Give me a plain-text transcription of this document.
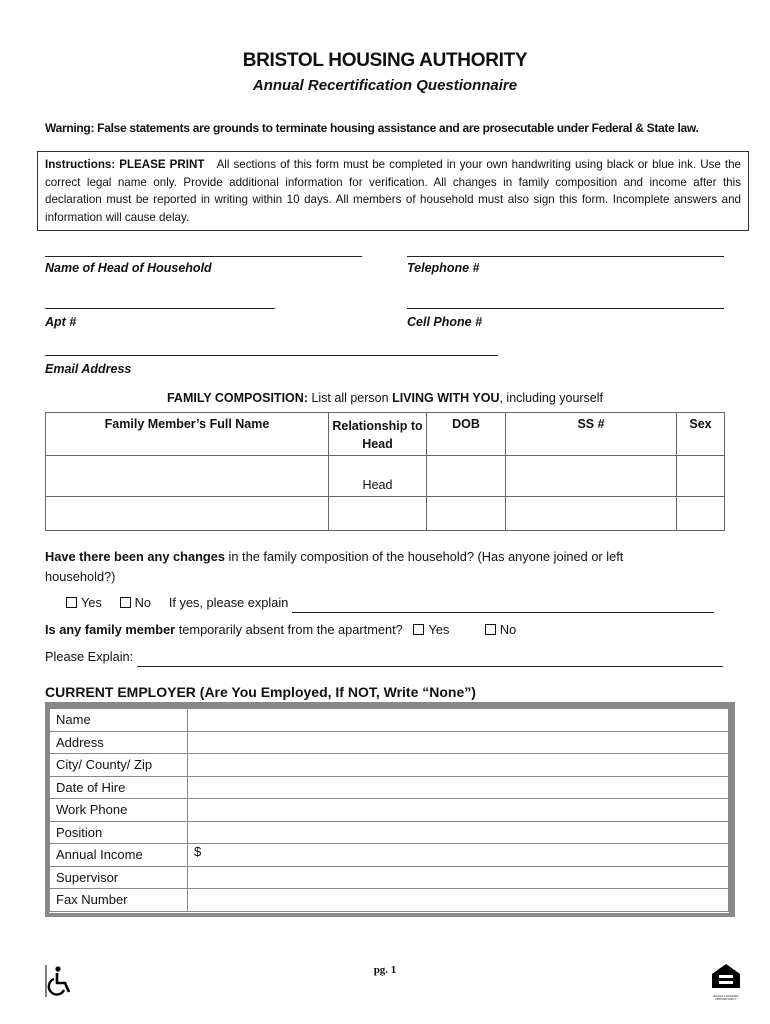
BRISTOL HOUSING AUTHORITY
Annual Recertification Questionnaire
Warning: False statements are grounds to terminate housing assistance and are prosecutable under Federal & State law.
Instructions: PLEASE PRINT All sections of this form must be completed in your own handwriting using black or blue ink. Use the correct legal name only. Provide additional information for verification. All changes in family composition and income after this declaration must be reported in writing within 10 days. All members of household must also sign this form. Incomplete answers and information will cause delay.
Name of Head of Household	Telephone #
Apt #	Cell Phone #
Email Address
FAMILY COMPOSITION: List all person LIVING WITH YOU, including yourself
Family Member’s Full Name	Relationship to Head	DOB	SS #	Sex
	Head			

Have there been any changes in the family composition of the household? (Has anyone joined or left household?)
Yes	No If yes, please explain
Is any family member temporarily absent from the apartment? Yes	No
Please Explain:
CURRENT EMPLOYER (Are You Employed, If NOT, Write “None”)
Name	
Address	
City/ County/ Zip	
Date of Hire	
Work Phone	
Position	
Annual Income	$
Supervisor	
Fax Number	
pg. 1
EQUAL HOUSING OPPORTUNITY
